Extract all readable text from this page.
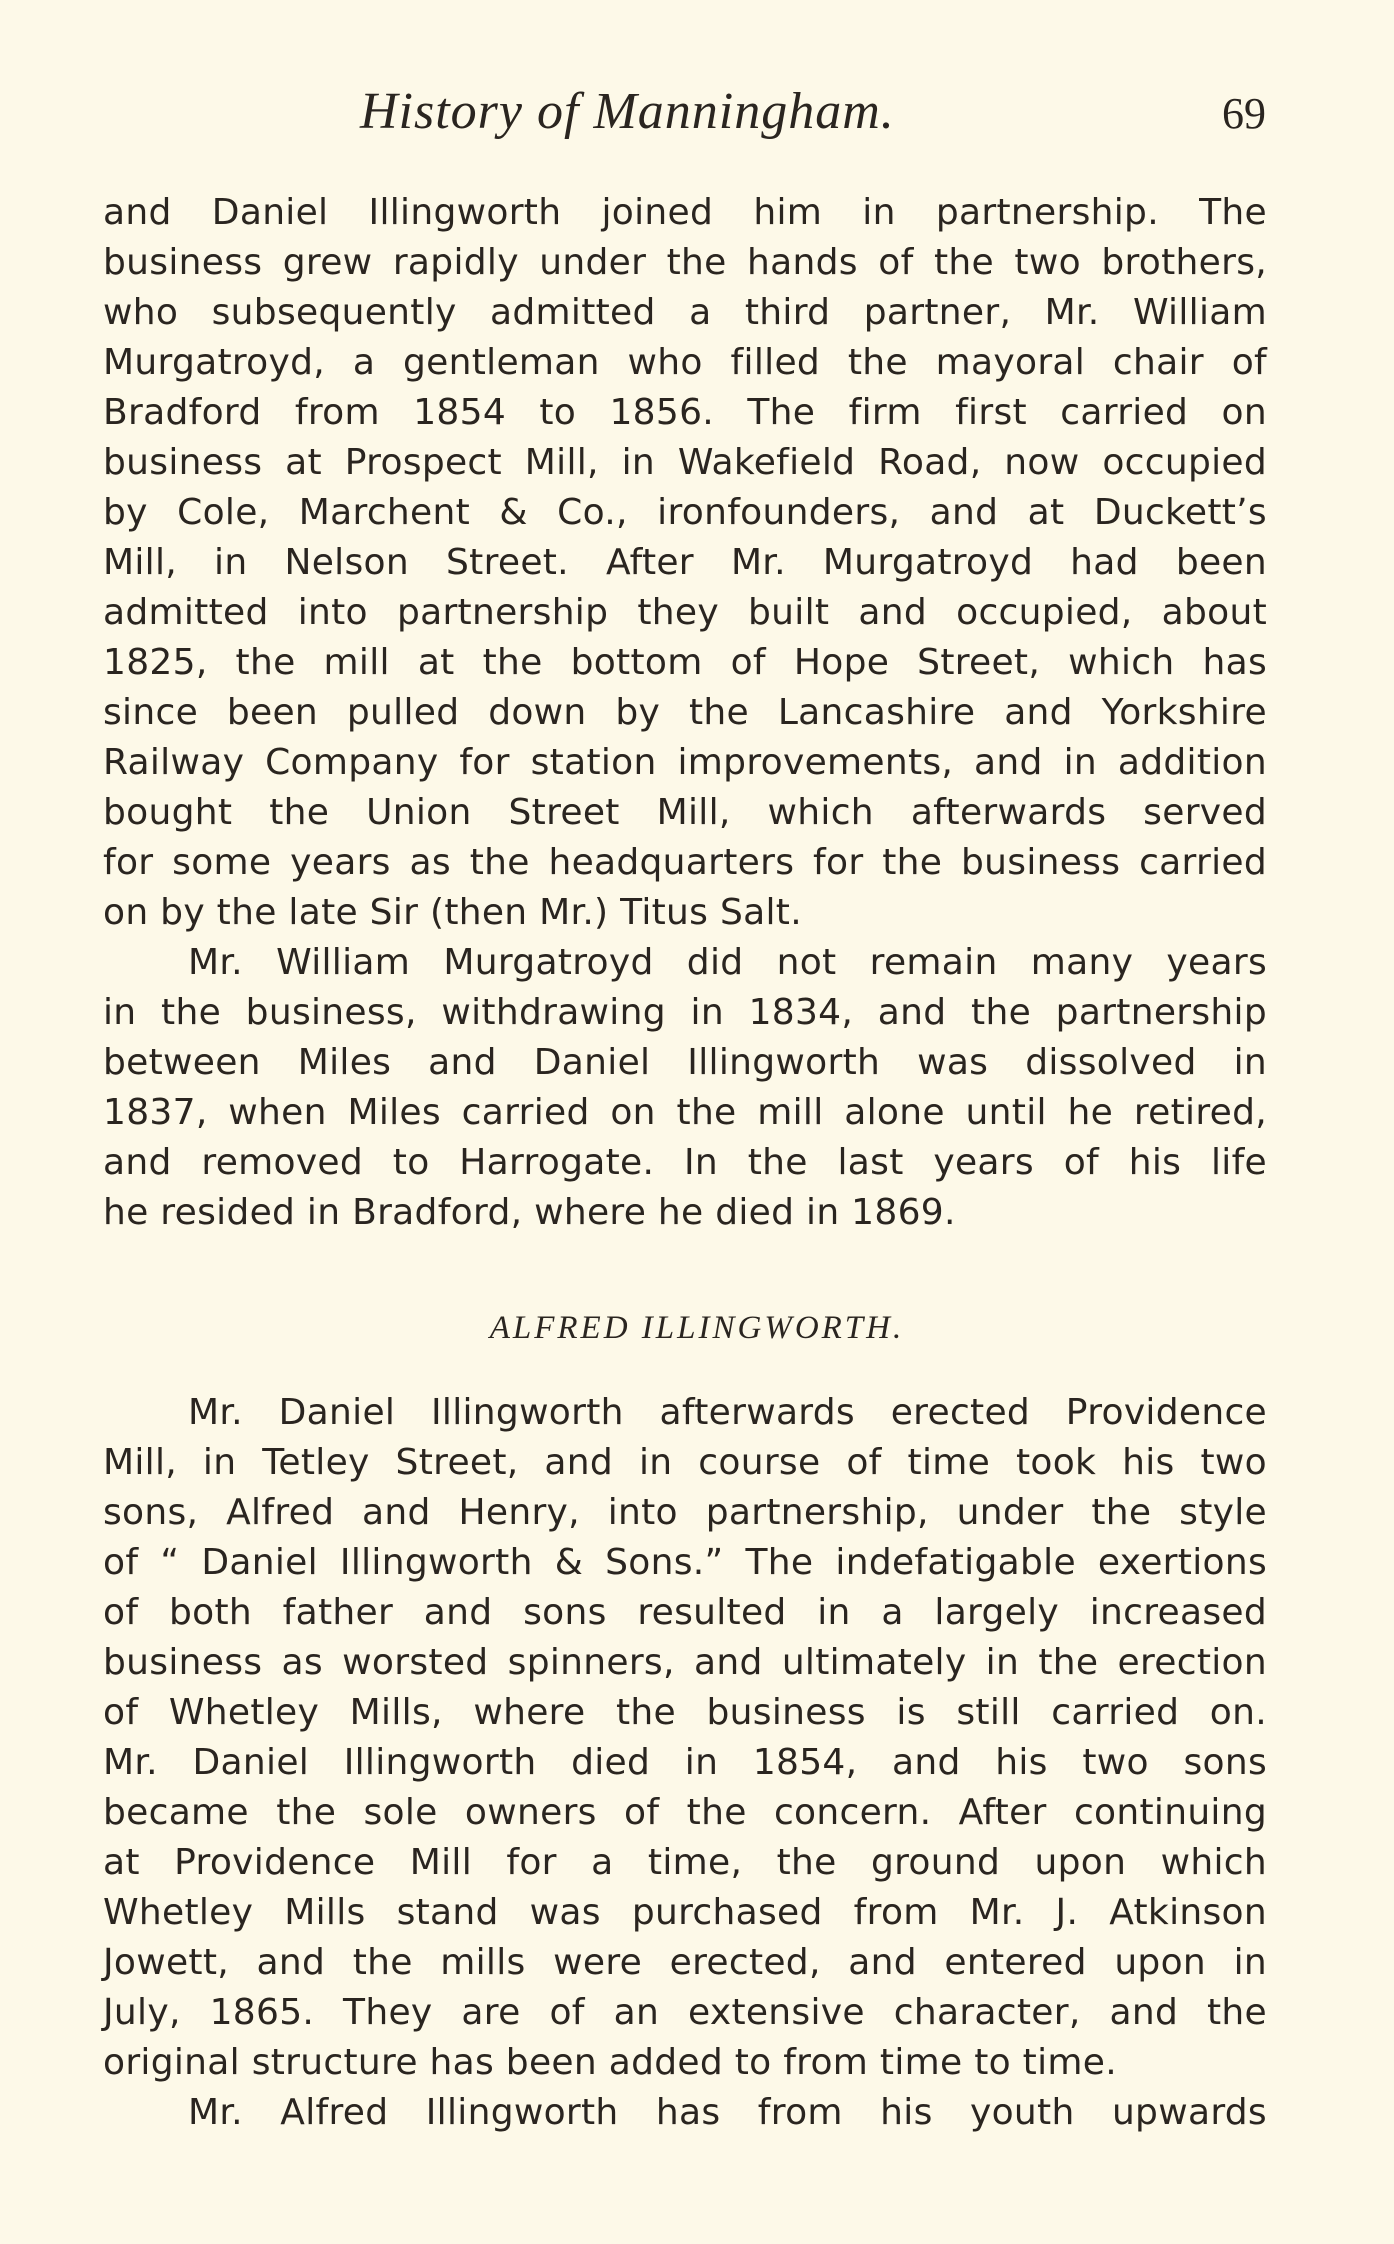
History of Manningham.	69
and Daniel Illingworth joined him in partnership. The
business grew rapidly under the hands of the two brothers,
who subsequently admitted a third partner, Mr. William
Murgatroyd, a gentleman who filled the mayoral chair of
Bradford from 1854 to 1856. The firm first carried on
business at Prospect Mill, in Wakefield Road, now occupied
by Cole, Marchent & Co., ironfounders, and at Duckett’s
Mill, in Nelson Street. After Mr. Murgatroyd had been
admitted into partnership they built and occupied, about
1825, the mill at the bottom of Hope Street, which has
since been pulled down by the Lancashire and Yorkshire
Railway Company for station improvements, and in addition
bought the Union Street Mill, which afterwards served
for some years as the headquarters for the business carried
on by the late Sir (then Mr.) Titus Salt.
Mr. William Murgatroyd did not remain many years
in the business, withdrawing in 1834, and the partnership
between Miles and Daniel Illingworth was dissolved in
1837, when Miles carried on the mill alone until he retired,
and removed to Harrogate. In the last years of his life
he resided in Bradford, where he died in 1869.
ALFRED ILLINGWORTH.
Mr. Daniel Illingworth afterwards erected Providence
Mill, in Tetley Street, and in course of time took his two
sons, Alfred and Henry, into partnership, under the style
of “ Daniel Illingworth & Sons.” The indefatigable exertions
of both father and sons resulted in a largely increased
business as worsted spinners, and ultimately in the erection
of Whetley Mills, where the business is still carried on.
Mr. Daniel Illingworth died in 1854, and his two sons
became the sole owners of the concern. After continuing
at Providence Mill for a time, the ground upon which
Whetley Mills stand was purchased from Mr. J. Atkinson
Jowett, and the mills were erected, and entered upon in
July, 1865. They are of an extensive character, and the
original structure has been added to from time to time.
Mr. Alfred Illingworth has from his youth upwards
